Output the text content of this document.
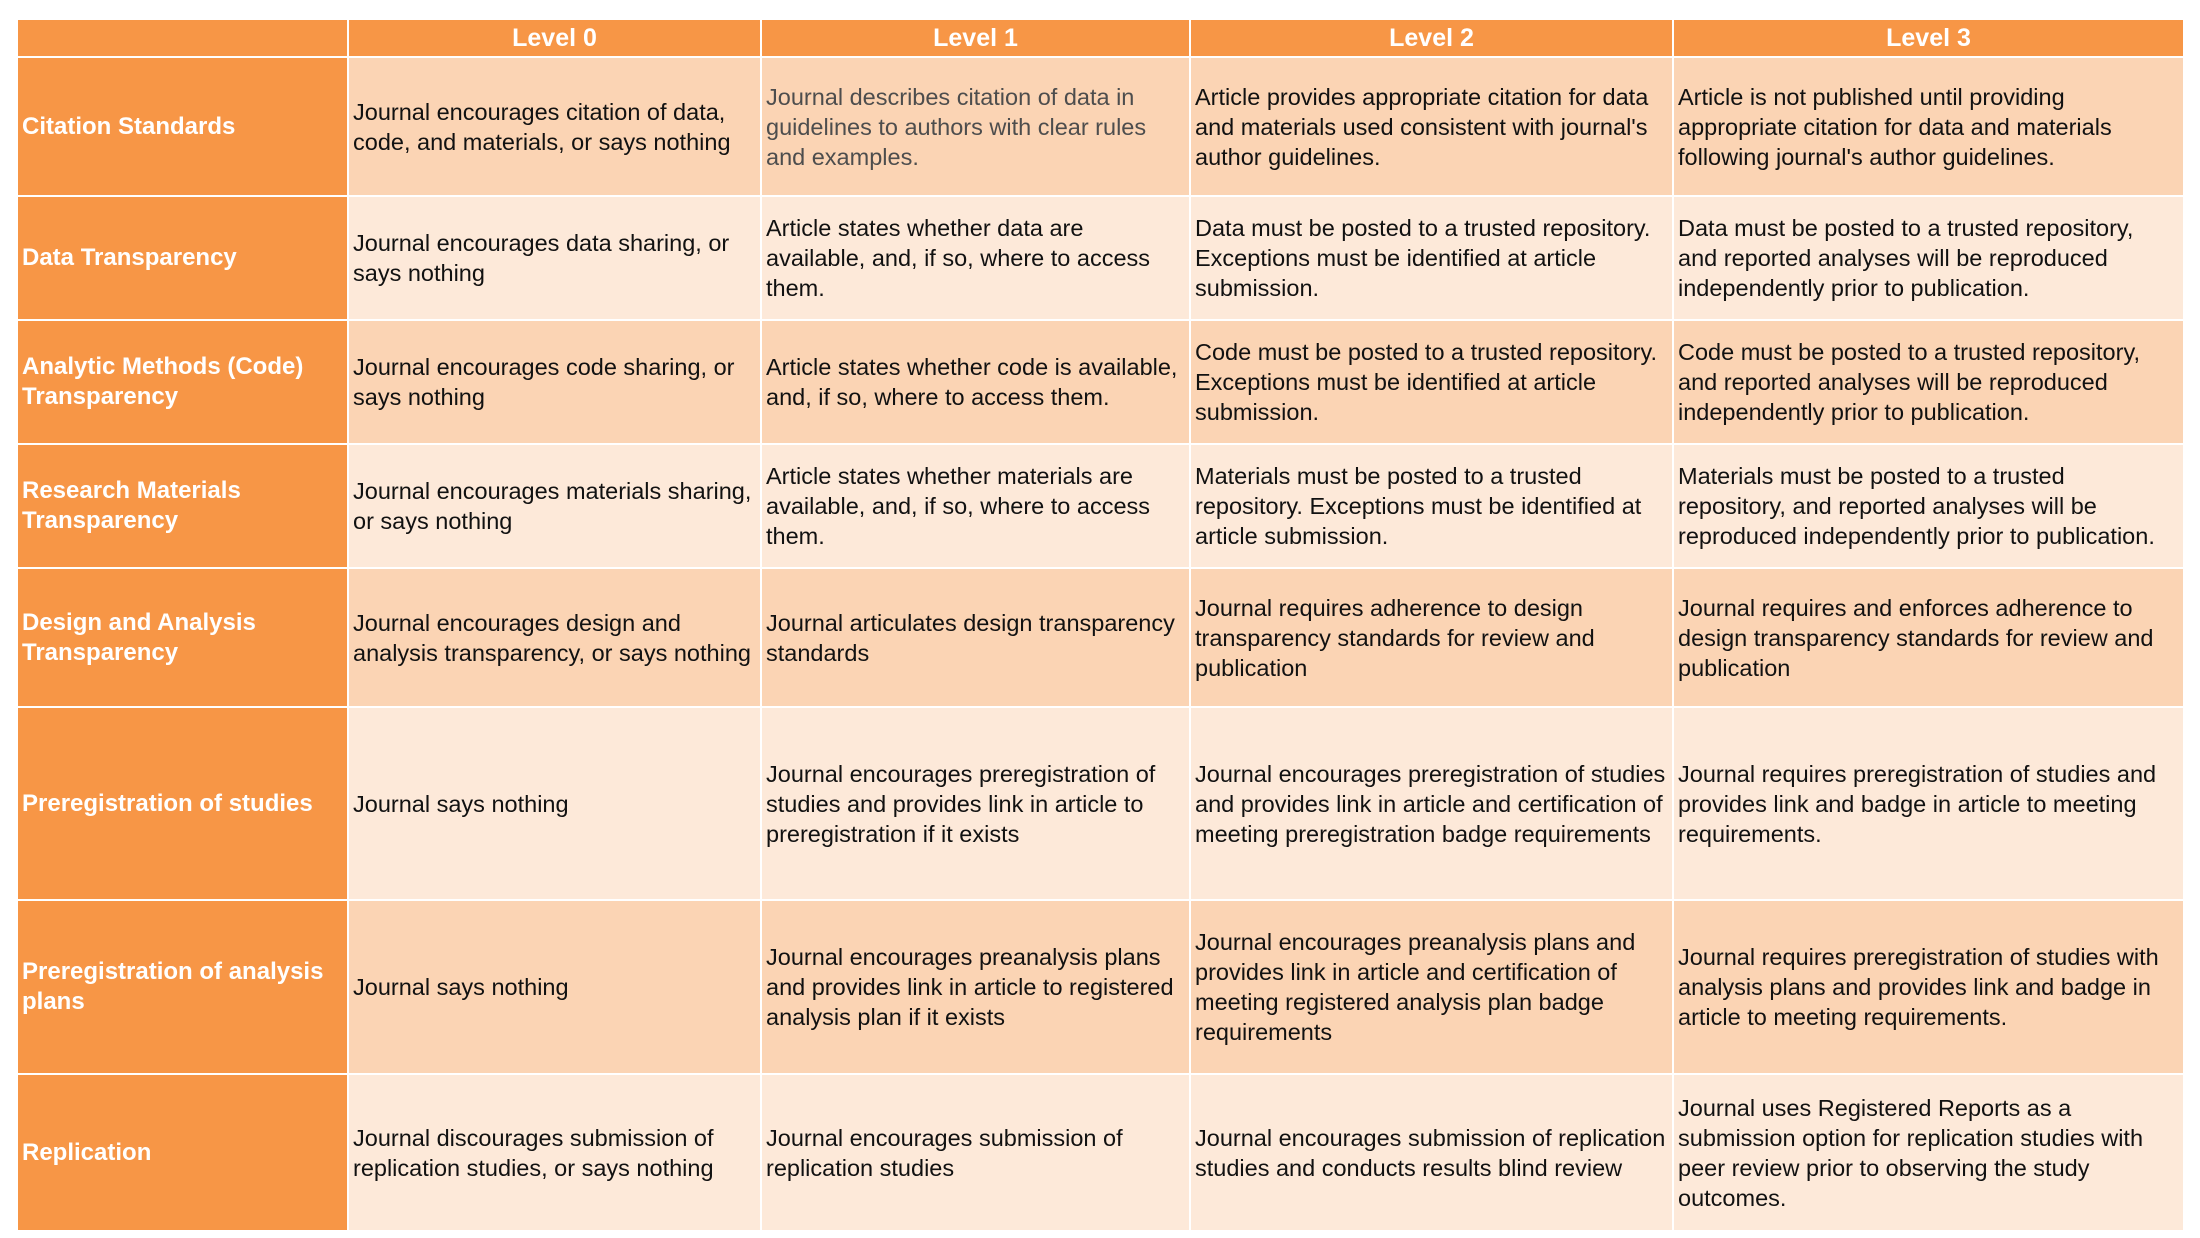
	Level 0	Level 1	Level 2	Level 3
Citation Standards	Journal encourages citation of data, code, and materials, or says nothing	Journal describes citation of data in guidelines to authors with clear rules and examples.	Article provides appropriate citation for data and materials used consistent with journal's author guidelines.	Article is not published until providing appropriate citation for data and materials following journal's author guidelines.
Data Transparency	Journal encourages data sharing, or says nothing	Article states whether data are available, and, if so, where to access them.	Data must be posted to a trusted repository. Exceptions must be identified at article submission.	Data must be posted to a trusted repository, and reported analyses will be reproduced independently prior to publication.
Analytic Methods (Code) Transparency	Journal encourages code sharing, or says nothing	Article states whether code is available, and, if so, where to access them.	Code must be posted to a trusted repository. Exceptions must be identified at article submission.	Code must be posted to a trusted repository, and reported analyses will be reproduced independently prior to publication.
Research Materials Transparency	Journal encourages materials sharing, or says nothing	Article states whether materials are available, and, if so, where to access them.	Materials must be posted to a trusted repository. Exceptions must be identified at article submission.	Materials must be posted to a trusted repository, and reported analyses will be reproduced independently prior to publication.
Design and Analysis Transparency	Journal encourages design and analysis transparency, or says nothing	Journal articulates design transparency standards	Journal requires adherence to design transparency standards for review and publication	Journal requires and enforces adherence to design transparency standards for review and publication
Preregistration of studies	Journal says nothing	Journal encourages preregistration of studies and provides link in article to preregistration if it exists	Journal encourages preregistration of studies and provides link in article and certification of meeting preregistration badge requirements	Journal requires preregistration of studies and provides link and badge in article to meeting requirements.
Preregistration of analysis plans	Journal says nothing	Journal encourages preanalysis plans and provides link in article to registered analysis plan if it exists	Journal encourages preanalysis plans and provides link in article and certification of meeting registered analysis plan badge requirements	Journal requires preregistration of studies with analysis plans and provides link and badge in article to meeting requirements.
Replication	Journal discourages submission of replication studies, or says nothing	Journal encourages submission of replication studies	Journal encourages submission of replication studies and conducts results blind review	Journal uses Registered Reports as a submission option for replication studies with peer review prior to observing the study outcomes.
